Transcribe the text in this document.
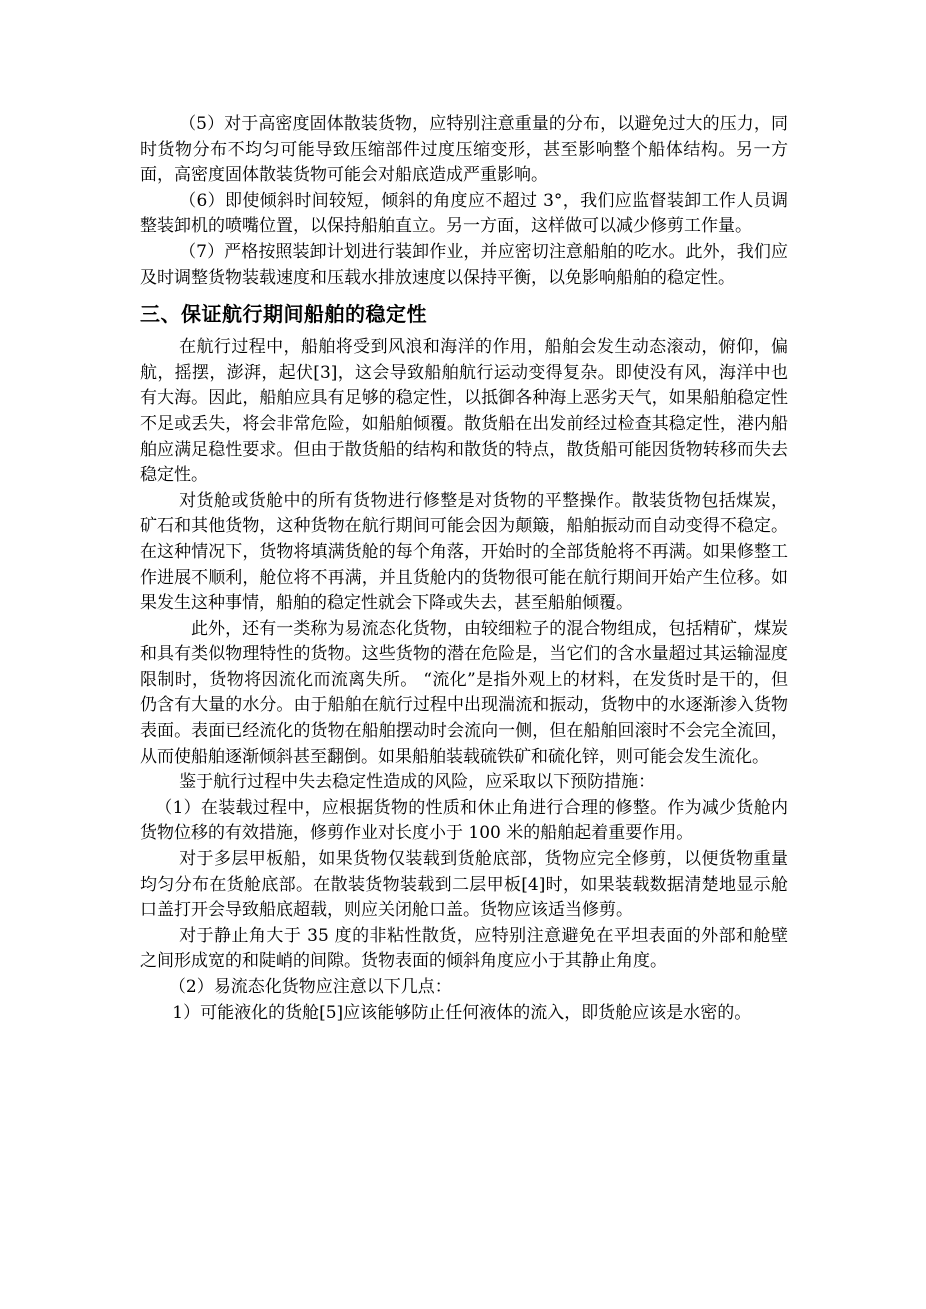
（5）对于高密度固体散装货物，应特别注意重量的分布，以避免过大的压力，同时货物分布不均匀可能导致压缩部件过度压缩变形，甚至影响整个船体结构。另一方面，高密度固体散装货物可能会对船底造成严重影响。

（6）即使倾斜时间较短，倾斜的角度应不超过 3°，我们应监督装卸工作人员调整装卸机的喷嘴位置，以保持船舶直立。另一方面，这样做可以减少修剪工作量。

（7）严格按照装卸计划进行装卸作业，并应密切注意船舶的吃水。此外，我们应及时调整货物装载速度和压载水排放速度以保持平衡，以免影响船舶的稳定性。

三、保证航行期间船舶的稳定性

在航行过程中，船舶将受到风浪和海洋的作用，船舶会发生动态滚动，俯仰，偏航，摇摆，澎湃，起伏[3]，这会导致船舶航行运动变得复杂。即使没有风，海洋中也有大海。因此，船舶应具有足够的稳定性，以抵御各种海上恶劣天气，如果船舶稳定性不足或丢失，将会非常危险，如船舶倾覆。散货船在出发前经过检查其稳定性，港内船舶应满足稳性要求。但由于散货船的结构和散货的特点，散货船可能因货物转移而失去稳定性。

对货舱或货舱中的所有货物进行修整是对货物的平整操作。散装货物包括煤炭，矿石和其他货物，这种货物在航行期间可能会因为颠簸，船舶振动而自动变得不稳定。在这种情况下，货物将填满货舱的每个角落，开始时的全部货舱将不再满。如果修整工作进展不顺利，舱位将不再满，并且货舱内的货物很可能在航行期间开始产生位移。如果发生这种事情，船舶的稳定性就会下降或失去，甚至船舶倾覆。

此外，还有一类称为易流态化货物，由较细粒子的混合物组成，包括精矿，煤炭和具有类似物理特性的货物。这些货物的潜在危险是，当它们的含水量超过其运输湿度限制时，货物将因流化而流离失所。 “流化”是指外观上的材料，在发货时是干的，但仍含有大量的水分。由于船舶在航行过程中出现湍流和振动，货物中的水逐渐渗入货物表面。表面已经流化的货物在船舶摆动时会流向一侧，但在船舶回滚时不会完全流回，从而使船舶逐渐倾斜甚至翻倒。如果船舶装载硫铁矿和硫化锌，则可能会发生流化。

鉴于航行过程中失去稳定性造成的风险，应采取以下预防措施：

（1）在装载过程中，应根据货物的性质和休止角进行合理的修整。作为减少货舱内货物位移的有效措施，修剪作业对长度小于 100 米的船舶起着重要作用。

对于多层甲板船，如果货物仅装载到货舱底部，货物应完全修剪，以便货物重量均匀分布在货舱底部。在散装货物装载到二层甲板[4]时，如果装载数据清楚地显示舱口盖打开会导致船底超载，则应关闭舱口盖。货物应该适当修剪。

对于静止角大于 35 度的非粘性散货，应特别注意避免在平坦表面的外部和舱壁之间形成宽的和陡峭的间隙。货物表面的倾斜角度应小于其静止角度。

（2）易流态化货物应注意以下几点：

1）可能液化的货舱[5]应该能够防止任何液体的流入，即货舱应该是水密的。
